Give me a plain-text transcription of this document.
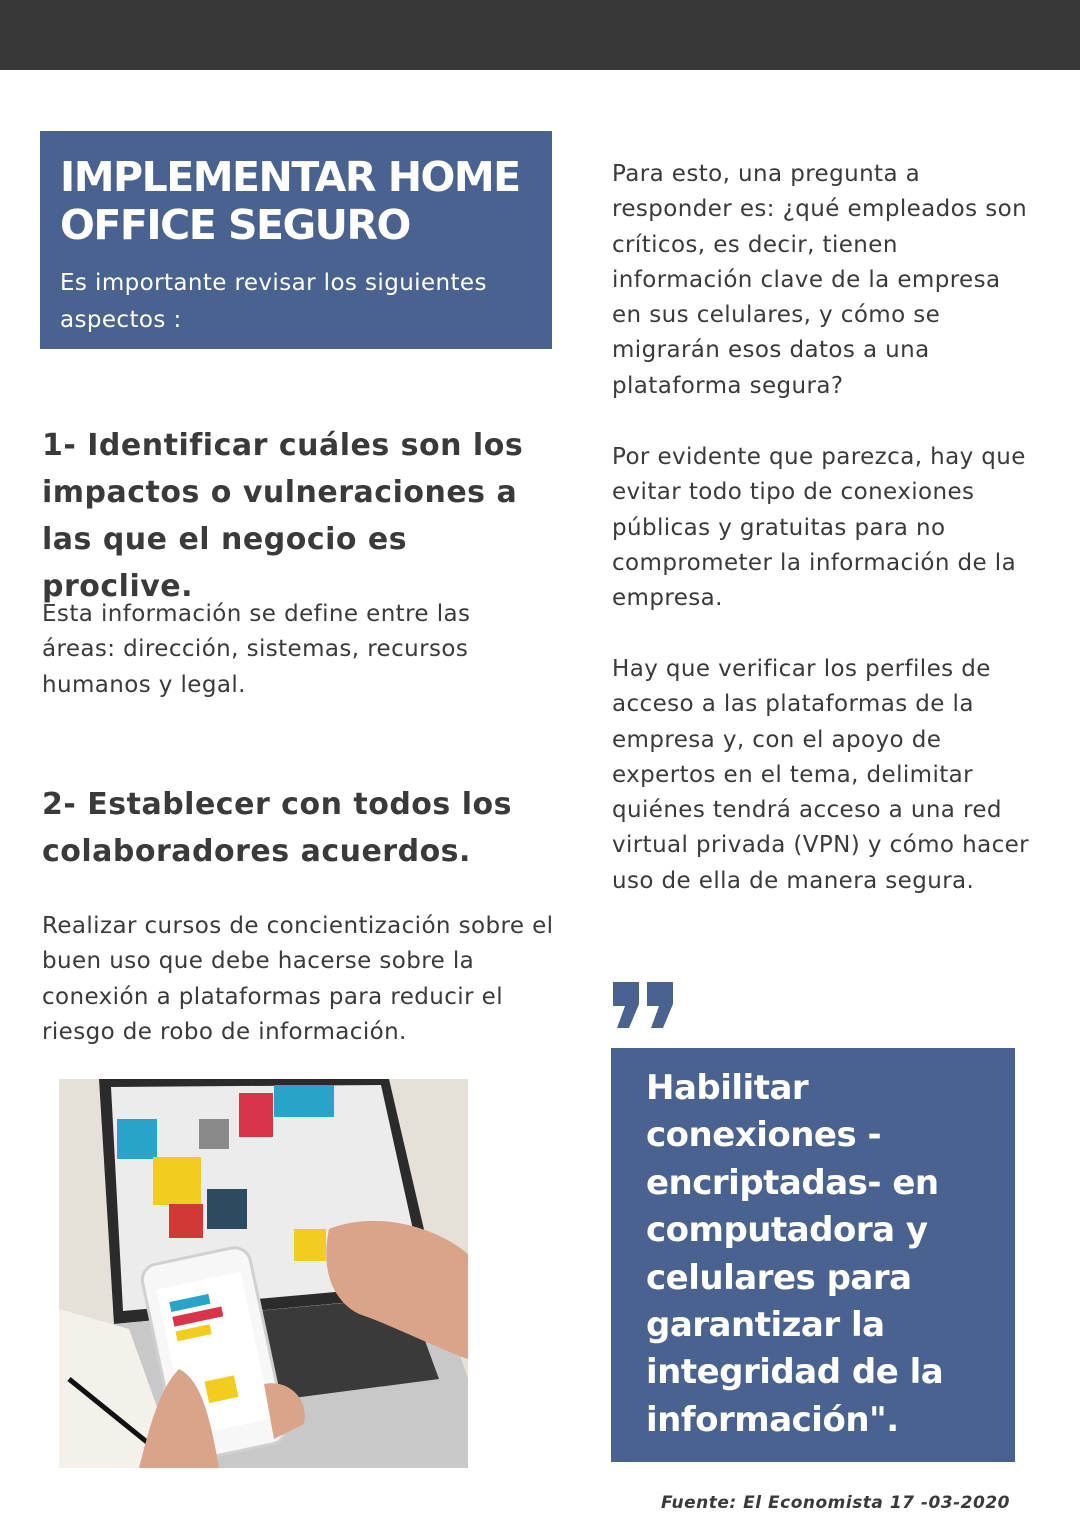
IMPLEMENTAR HOME OFFICE SEGURO
Es importante revisar los siguientes aspectos :
1- Identificar cuáles son los impactos o vulneraciones a las que el negocio es proclive.

Esta información se define entre las áreas: dirección, sistemas, recursos humanos y legal.

2- Establecer con todos los colaboradores acuerdos.

Realizar cursos de concientización sobre el buen uso que debe hacerse sobre la conexión a plataformas para reducir el riesgo de robo de información.

Para esto, una pregunta a responder es: ¿qué empleados son críticos, es decir, tienen información clave de la empresa en sus celulares, y cómo se migrarán esos datos a una plataforma segura?

Por evidente que parezca, hay que evitar todo tipo de conexiones públicas y gratuitas para no comprometer la información de la empresa.

Hay que verificar los perfiles de acceso a las plataformas de la empresa y, con el apoyo de expertos en el tema, delimitar quiénes tendrá acceso a una red virtual privada (VPN) y cómo hacer uso de ella de manera segura.

Habilitar
conexiones -
encriptadas- en
computadora y
celulares para
garantizar la
integridad de la
información".

Fuente: El Economista 17 -03-2020
